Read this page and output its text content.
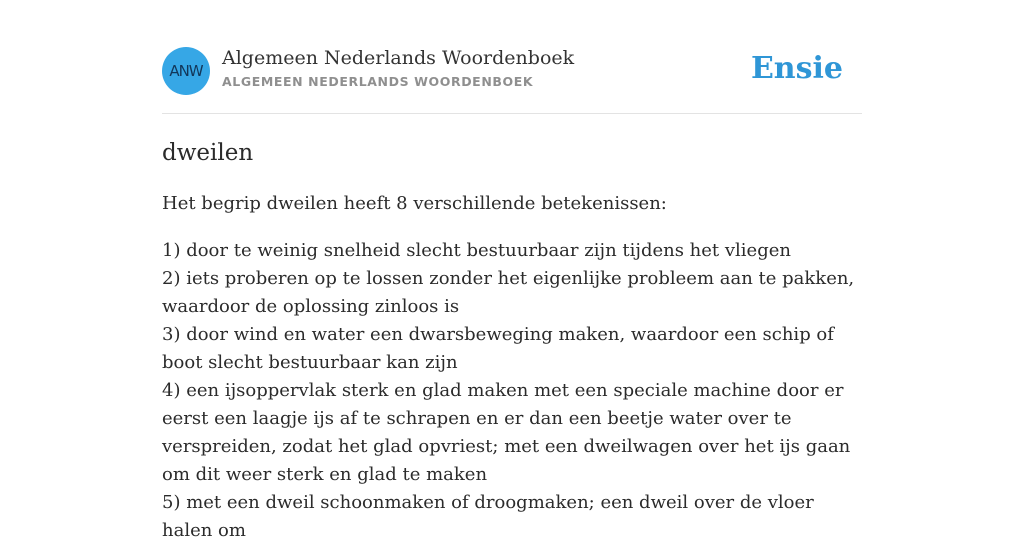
ANW
Algemeen Nederlands Woordenboek
ALGEMEEN NEDERLANDS WOORDENBOEK	Ensie
dweilen

Het begrip dweilen heeft 8 verschillende betekenissen:

1) door te weinig snelheid slecht bestuurbaar zijn tijdens het vliegen
2) iets proberen op te lossen zonder het eigenlijke probleem aan te pakken, waardoor de oplossing zinloos is
3) door wind en water een dwarsbeweging maken, waardoor een schip of boot slecht bestuurbaar kan zijn
4) een ijsoppervlak sterk en glad maken met een speciale machine door er eerst een laagje ijs af te schrapen en er dan een beetje water over te verspreiden, zodat het glad opvriest; met een dweilwagen over het ijs gaan om dit weer sterk en glad te maken
5) met een dweil schoonmaken of droogmaken; een dweil over de vloer halen om
